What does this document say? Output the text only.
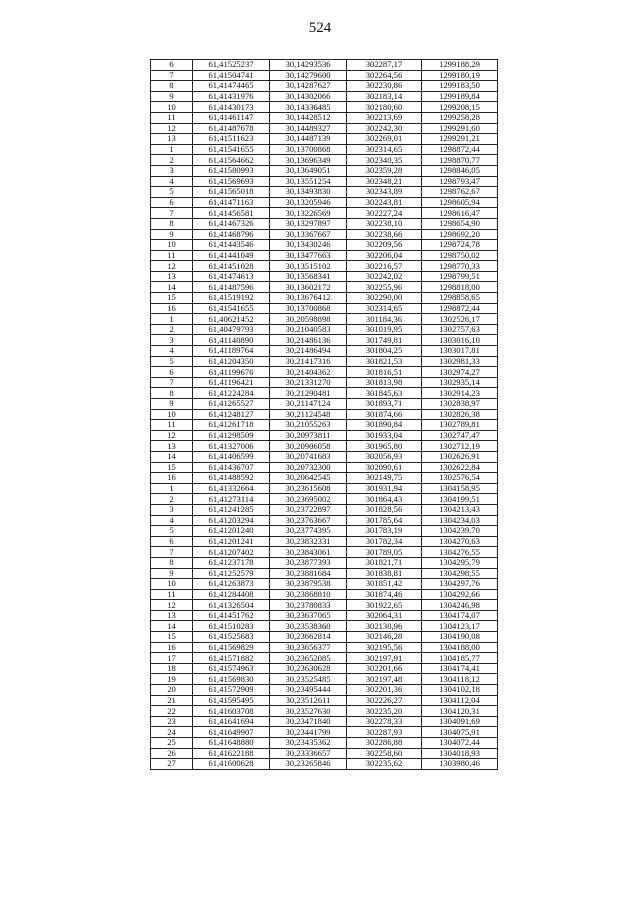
524
6	61,41525237	30,14293536	302287,17	1299188,29
7	61,41504741	30,14279600	302264,56	1299180,19
8	61,41474465	30,14287627	302230,86	1299183,50
9	61,41431976	30,14302066	302183,14	1299189,84
10	61,41430173	30,14336485	302180,60	1299208,15
11	61,41461147	30,14428512	302213,69	1299258,28
12	61,41487678	30,14489327	302242,30	1299291,60
13	61,41511623	30,14487139	302269,01	1299291,21
1	61,41541655	30,13700868	302314,65	1298872,44
2	61,41564662	30,13696349	302340,35	1298870,77
3	61,41580993	30,13649051	302359,28	1298846,05
4	61,41569693	30,13551254	302348,21	1298793,47
5	61,41565018	30,13493830	302343,89	1298762,67
6	61,41471163	30,13205946	302243,81	1298605,94
7	61,41456581	30,13226569	302227,24	1298616,47
8	61,41467326	30,13297897	302238,10	1298654,90
9	61,41468796	30,13367667	302238,66	1298692,20
10	61,41443546	30,13430246	302209,56	1298724,78
11	61,41441049	30,13477663	302206,04	1298750,02
12	61,41451028	30,13515102	302216,57	1298770,33
13	61,41474613	30,13568341	302242,02	1298799,51
14	61,41487596	30,13602172	302255,96	1298818,00
15	61,41519192	30,13676412	302290,00	1298858,65
16	61,41541655	30,13700868	302314,65	1298872,44
1	61,40621452	30,20598898	301184,36	1302526,17
2	61,40479793	30,21040583	301019,95	1302757,63
3	61,41140890	30,21486136	301749,81	1303016,10
4	61,41189764	30,21486494	301804,25	1303017,81
5	61,41204350	30,21417316	301821,53	1302981,33
6	61,41199676	30,21404362	301816,51	1302974,27
7	61,41196421	30,21331270	301813,98	1302935,14
8	61,41224284	30,21290481	301845,63	1302914,23
9	61,41265527	30,21147124	301893,71	1302838,97
10	61,41248127	30,21124548	301874,66	1302826,38
11	61,41261718	30,21055263	301890,84	1302789,81
12	61,41298509	30,20973811	301933,04	1302747,47
13	61,41327006	30,20906058	301965,80	1302712,19
14	61,41406599	30,20741683	302056,93	1302626,91
15	61,41436707	30,20732300	302090,61	1302622,84
16	61,41488592	30,20642545	302149,75	1302576,54
1	61,41332664	30,23615608	301931,94	1304158,95
2	61,41273114	30,23695002	301864,43	1304199,51
3	61,41241285	30,23722897	301828,56	1304213,43
4	61,41203294	30,23763667	301785,64	1304234,03
5	61,41201240	30,23774395	301783,19	1304239,70
6	61,41201241	30,23832331	301782,34	1304270,63
7	61,41207402	30,23843061	301789,05	1304276,55
8	61,41237178	30,23877393	301821,71	1304295,79
9	61,41252579	30,23881684	301838,81	1304298,55
10	61,41263873	30,23879538	301851,42	1304297,76
11	61,41284408	30,23868810	301874,46	1304292,66
12	61,41326504	30,23780833	301922,65	1304246,98
13	61,41451762	30,23637065	302064,31	1304174,07
14	61,41510283	30,23538360	302130,96	1304123,17
15	61,41525683	30,23662814	302146,28	1304190,08
16	61,41569829	30,23656377	302195,56	1304188,00
17	61,41571882	30,23652085	302197,91	1304185,77
18	61,41574963	30,23630628	302201,66	1304174,41
19	61,41569830	30,23525485	302197,48	1304118,12
20	61,41572909	30,23495444	302201,36	1304102,18
21	61,41595495	30,23512611	302226,27	1304112,04
22	61,41603708	30,23527630	302235,20	1304120,31
23	61,41641694	30,23471840	302278,33	1304091,69
24	61,41649907	30,23441799	302287,93	1304075,91
25	61,41648880	30,23435362	302286,88	1304072,44
26	61,41622188	30,23336657	302258,60	1304018,93
27	61,41600628	30,23265846	302235,62	1303980,46
